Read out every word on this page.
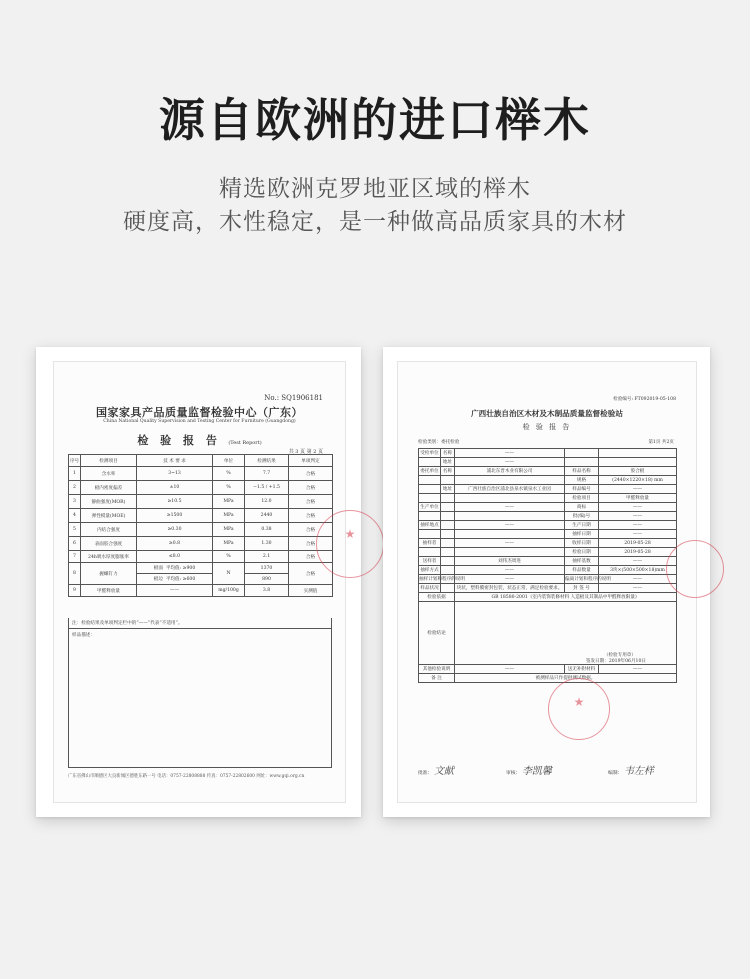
源自欧洲的进口榉木
精选欧洲克罗地亚区域的榉木
硬度高，木性稳定，是一种做高品质家具的木材
No.: SQ1906181
国家家具产品质量监督检验中心（广东）
China National Quality Supervision and Testing Center for Furniture (Guangdong)
检 验 报 告 (Test Report)
共 3 页 第 2 页
序号	检测项目	技 术 要 求	单位	检测结果	单项判定
1	含水率	3~13	%	7.7	合格
2	板内密度偏差	±10	%	−1.5 / +1.5	合格
3	静曲强度(MOR)	≥10.5	MPa	12.0	合格
4	弹性模量(MOE)	≥1500	MPa	2440	合格
5	内结合强度	≥0.30	MPa	0.38	合格
6	表面胶合强度	≥0.8	MPa	1.30	合格
7	24h吸水厚度膨胀率	≤8.0	%	2.1	合格
8	握螺钉力	板面 平均值: ≥900	N	1370	合格
		板边 平均值: ≥600		890	
9	甲醛释放量	——	mg/100g	3.8	实测值
注：检验结果及单项判定栏中的“——”代表“不适用”。
样品描述：
广东省佛山市顺德区大良新城区德胜东路一号 电话：0757-22808888 传真：0757-22802600 网址：www.gqi.org.cn
★
检验编号: FT092019-05-108
广西壮族自治区木材及木制品质量监督检验站
检 验 报 告
检验类别：委托检验	第1页 共2页
受检单位	名称	——		
	地址	——		
委托单位	名称	浦北东晋木业有限公司	样品名称	胶合板
			规格	(2440×1220×18) mm
	地址	广西壮族自治区浦北县泉水镇泉水工业园	样品编号	——
			检验项目	甲醛释放量
生产单位		——	商标	——
			批(编)号	——
抽样地点		——	生产日期	——
			抽样日期	——
抽样者		——	收样日期	2019-05-28
			检验日期	2019-05-28
送样者		刘伟杰周进	抽样基数	——
抽样方式		——	样品数量	3块×(500×500×18)mm
抽样计划和程序的说明		——	偏离计划和程序的说明	——
样品状况		块状，塑料膜密封包装，状态正常，满足检验要求。	封 签 号	——
检验依据		GB 18580-2001《室内装饰装修材料 人造板及其制品中甲醛释放限量》		
检验结论		（检验专用章）
签发日期：2019年06月10日		

其他检验说明		——	送无补附材料	——
备 注		被测样品只作提供测试数据。		
批准： 文献	审核： 李凯馨	编制： 韦左样
★
